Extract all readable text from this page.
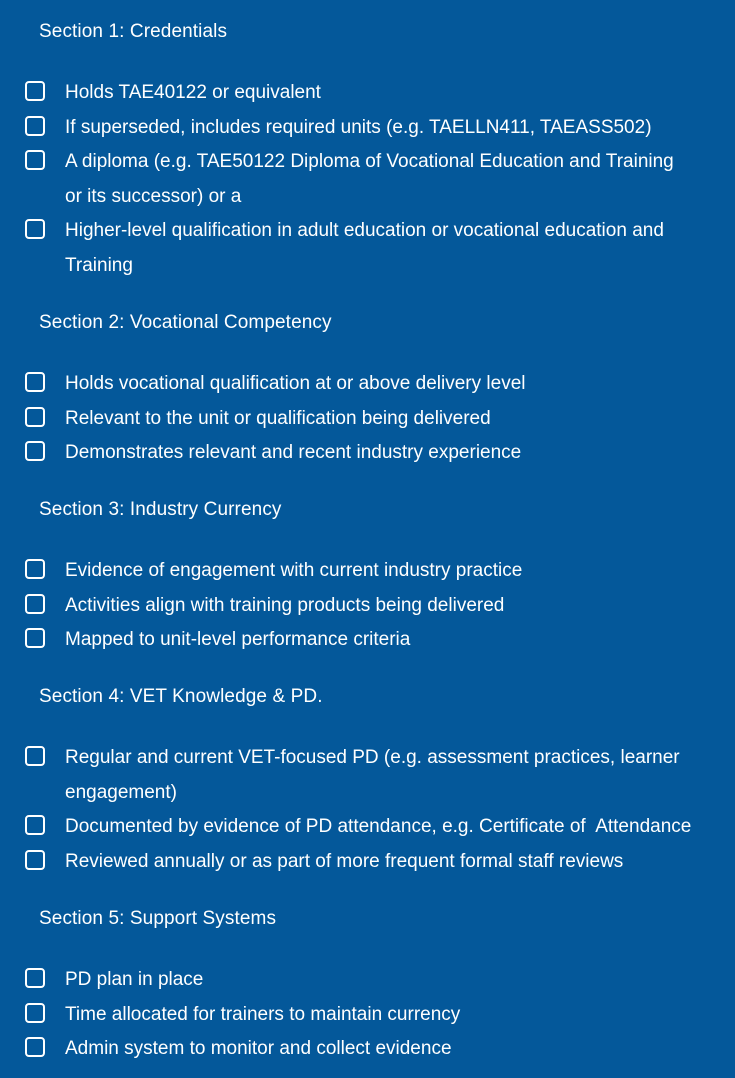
Section 1: Credentials
Holds TAE40122 or equivalent
If superseded, includes required units (e.g. TAELLN411, TAEASS502)
A diploma (e.g. TAE50122 Diploma of Vocational Education and Training
or its successor) or a
Higher-level qualification in adult education or vocational education and
Training
Section 2: Vocational Competency
Holds vocational qualification at or above delivery level
Relevant to the unit or qualification being delivered
Demonstrates relevant and recent industry experience
Section 3: Industry Currency
Evidence of engagement with current industry practice
Activities align with training products being delivered
Mapped to unit-level performance criteria
Section 4: VET Knowledge & PD.
Regular and current VET-focused PD (e.g. assessment practices, learner
engagement)
Documented by evidence of PD attendance, e.g. Certificate of  Attendance
Reviewed annually or as part of more frequent formal staff reviews
Section 5: Support Systems
PD plan in place
Time allocated for trainers to maintain currency
Admin system to monitor and collect evidence
